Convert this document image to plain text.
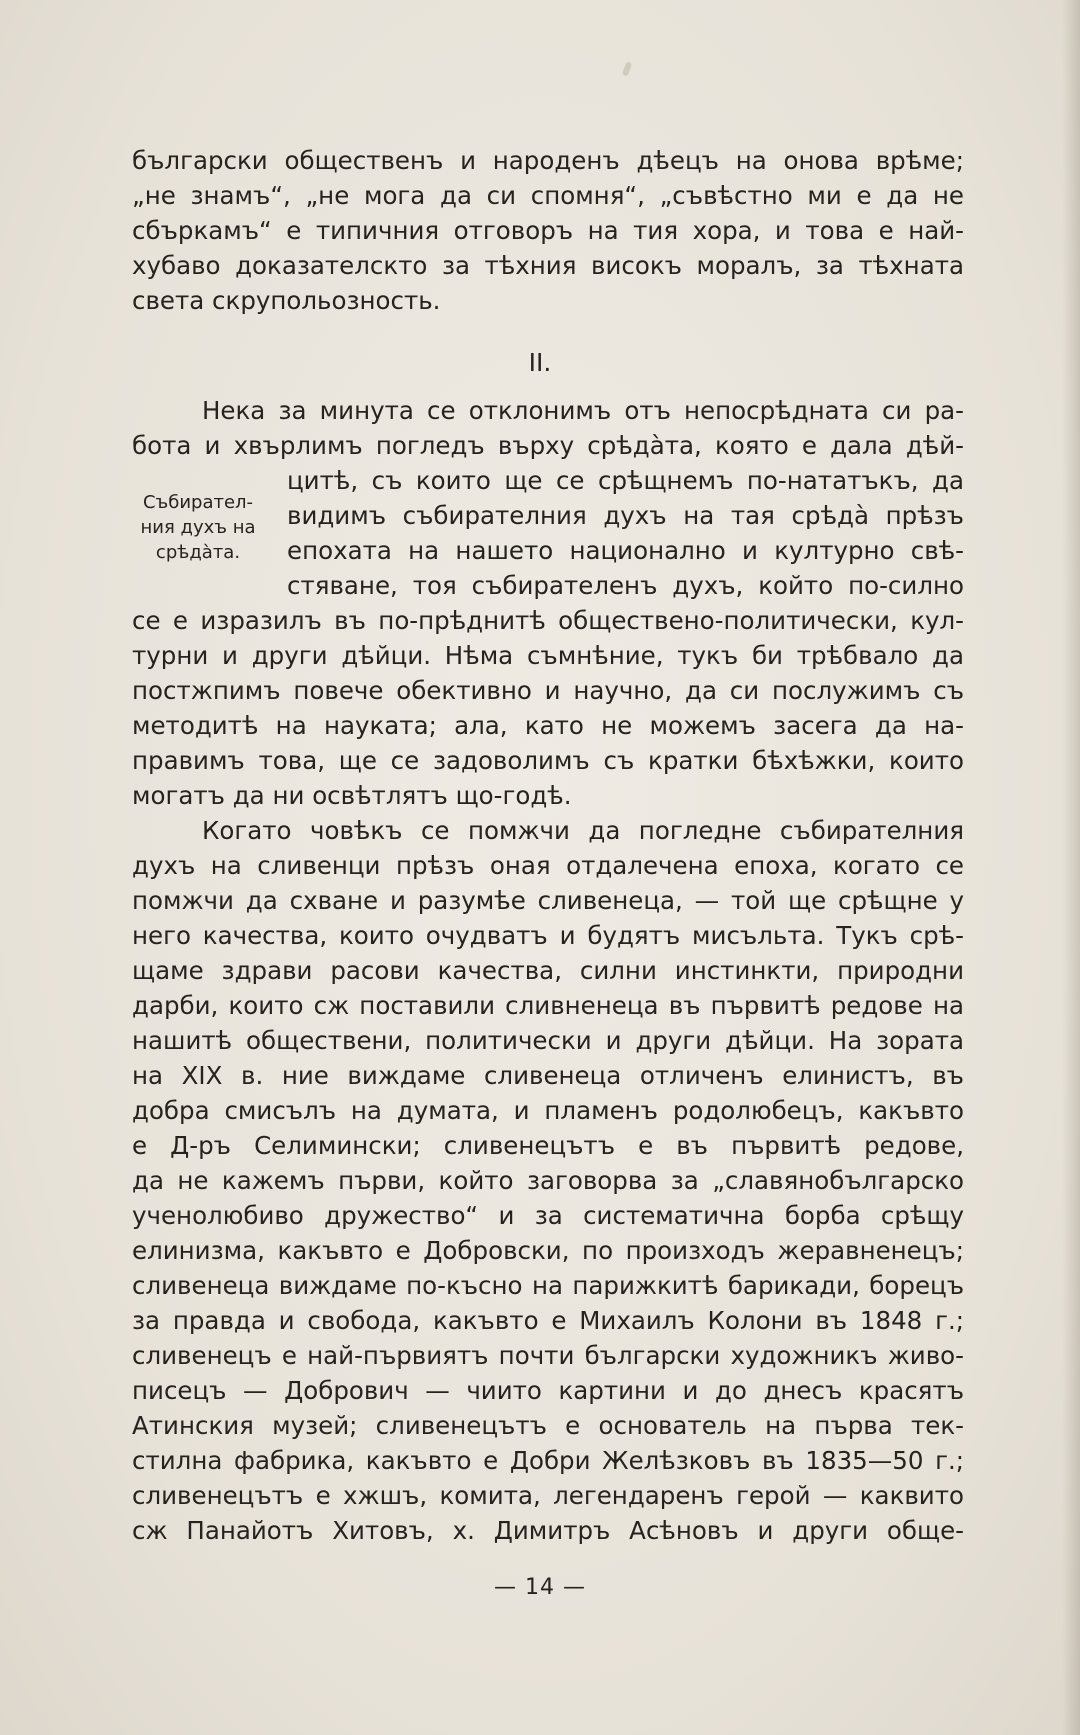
български общественъ и народенъ дѣецъ на онова врѣме;
„не знамъ“, „не мога да си спомня“, „съвѣстно ми е да не
сбъркамъ“ е типичния отговоръ на тия хора, и това е най-
хубаво доказателскто за тѣхния високъ моралъ, за тѣхната
света скрупольозность.
II.
Нека за минута се отклонимъ отъ непосрѣдната си ра-
бота и хвърлимъ погледъ върху срѣдàта, която е дала дѣй-
цитѣ, съ които ще се срѣщнемъ по-нататъкъ, да
видимъ събирателния духъ на тая срѣдà прѣзъ
епохата на нашето национално и културно свѣ-
стяване, тоя събирателенъ духъ, който по-силно
Събирател-
ния духъ на
срѣдàта.
се е изразилъ въ по-прѣднитѣ обществено-политически, кул-
турни и други дѣйци. Нѣма съмнѣние, тукъ би трѣбвало да
постжпимъ повече обективно и научно, да си послужимъ съ
методитѣ на науката; ала, като не можемъ засега да на-
правимъ това, ще се задоволимъ съ кратки бѣхѣжки, които
могатъ да ни освѣтлятъ що-годѣ.
Когато човѣкъ се помжчи да погледне събирателния
духъ на сливенци прѣзъ оная отдалечена епоха, когато се
помжчи да схване и разумѣе сливенеца, — той ще срѣщне у
него качества, които очудватъ и будятъ мисъльта. Тукъ срѣ-
щаме здрави расови качества, силни инстинкти, природни
дарби, които сж поставили сливненеца въ първитѣ редове на
нашитѣ обществени, политически и други дѣйци. На зората
на XIX в. ние виждаме сливенеца отличенъ елинистъ, въ
добра смисълъ на думата, и пламенъ родолюбецъ, какъвто
е Д-ръ Селимински; сливенецътъ е въ първитѣ редове,
да не кажемъ първи, който заговорва за „славянобългарско
ученолюбиво дружество“ и за систематична борба срѣщу
елинизма, какъвто е Добровски, по произходъ жеравненецъ;
сливенеца виждаме по-късно на парижкитѣ барикади, борецъ
за правда и свобода, какъвто е Михаилъ Колони въ 1848 г.;
сливенецъ е най-първиятъ почти български художникъ живо-
писецъ — Добрович — чиито картини и до днесъ красятъ
Атинския музей; сливенецътъ е основатель на първа тек-
стилна фабрика, какъвто е Добри Желѣзковъ въ 1835—50 г.;
сливенецътъ е хжшъ, комита, легендаренъ герой — каквито
сж Панайотъ Хитовъ, х. Димитръ Асѣновъ и други обще-
— 14 —
